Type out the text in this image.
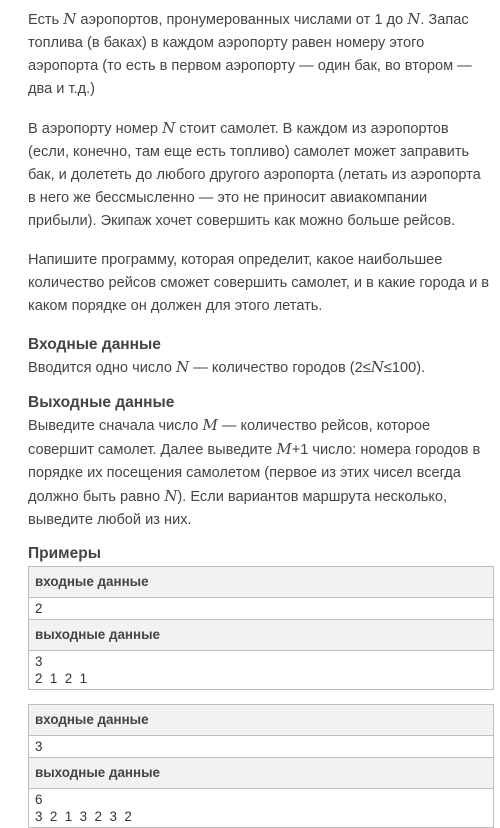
Есть N аэропортов, пронумерованных числами от 1 до N. Запас топлива (в баках) в каждом аэропорту равен номеру этого аэропорта (то есть в первом аэропорту — один бак, во втором — два и т.д.)

В аэропорту номер N стоит самолет. В каждом из аэропортов (если, конечно, там еще есть топливо) самолет может заправить бак, и долететь до любого другого аэропорта (летать из аэропорта в него же бессмысленно — это не приносит авиакомпании прибыли). Экипаж хочет совершить как можно больше рейсов.

Напишите программу, которая определит, какое наибольшее количество рейсов сможет совершить самолет, и в какие города и в каком порядке он должен для этого летать.

Входные данные
Вводится одно число N — количество городов (2≤N≤100).
Выходные данные
Выведите сначала число M — количество рейсов, которое совершит самолет. Далее выведите M+1 число: номера городов в порядке их посещения самолетом (первое из этих чисел всегда должно быть равно N). Если вариантов маршрута несколько, выведите любой из них.
Примеры
входные данные
2
выходные данные
3
2  1  2  1
входные данные
3
выходные данные
6
3  2  1  3  2  3  2
